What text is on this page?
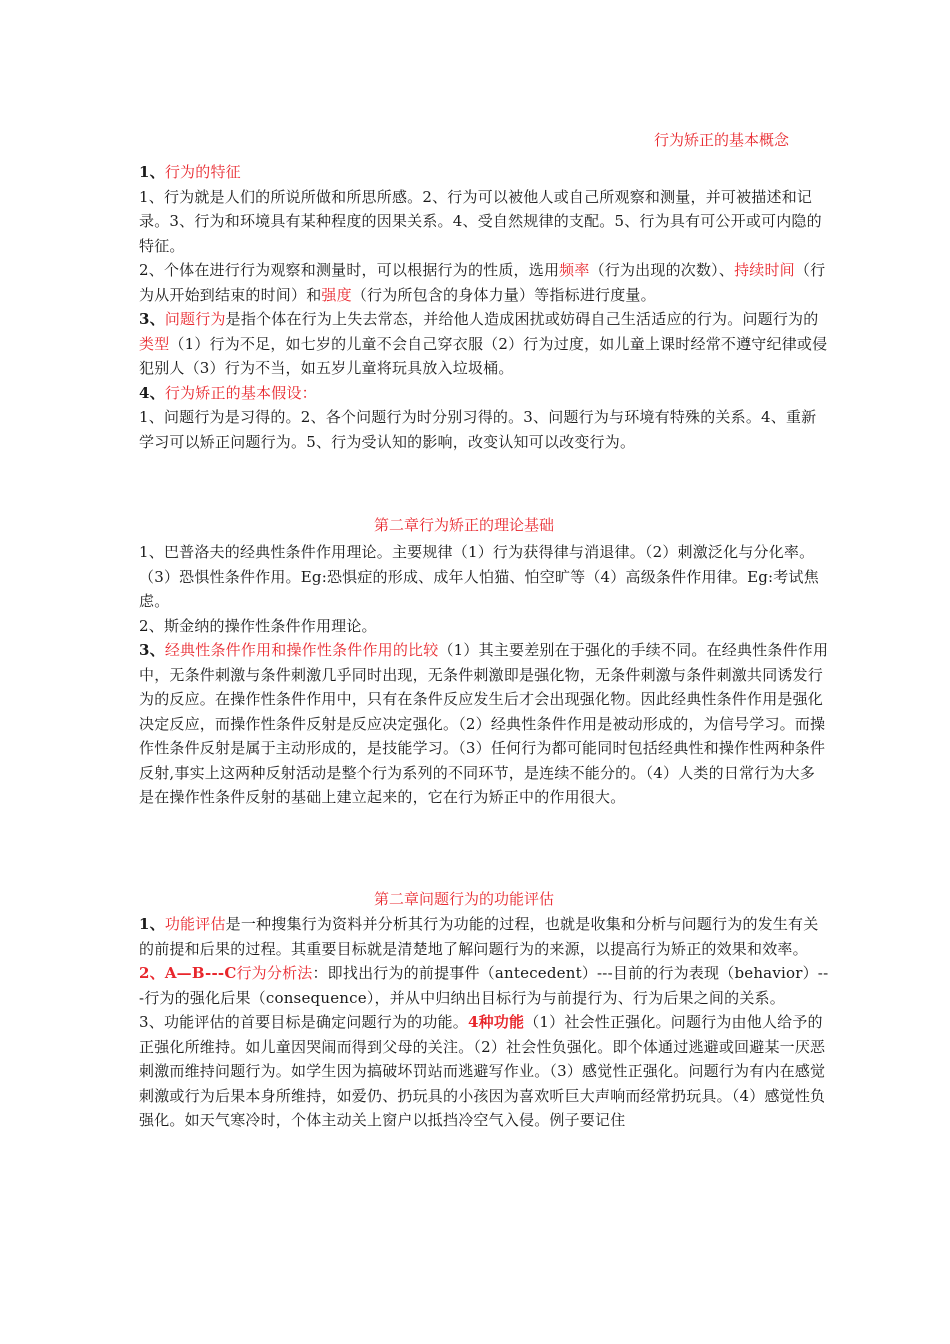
行为矫正的基本概念

1、行为的特征

1、行为就是人们的所说所做和所思所感。2、行为可以被他人或自己所观察和测量，并可被描述和记录。3、行为和环境具有某种程度的因果关系。4、受自然规律的支配。5、行为具有可公开或可内隐的特征。

2、个体在进行行为观察和测量时，可以根据行为的性质，选用频率（行为出现的次数）、持续时间（行为从开始到结束的时间）和强度（行为所包含的身体力量）等指标进行度量。

3、问题行为是指个体在行为上失去常态，并给他人造成困扰或妨碍自己生活适应的行为。问题行为的类型（1）行为不足，如七岁的儿童不会自己穿衣服（2）行为过度，如儿童上课时经常不遵守纪律或侵犯别人（3）行为不当，如五岁儿童将玩具放入垃圾桶。

4、行为矫正的基本假设：

1、问题行为是习得的。2、各个问题行为时分别习得的。3、问题行为与环境有特殊的关系。4、重新学习可以矫正问题行为。5、行为受认知的影响，改变认知可以改变行为。

第二章行为矫正的理论基础

1、巴普洛夫的经典性条件作用理论。主要规律（1）行为获得律与消退律。（2）刺激泛化与分化率。（3）恐惧性条件作用。Eg:恐惧症的形成、成年人怕猫、怕空旷等（4）高级条件作用律。Eg:考试焦虑。

2、斯金纳的操作性条件作用理论。

3、经典性条件作用和操作性条件作用的比较（1）其主要差别在于强化的手续不同。在经典性条件作用中，无条件刺激与条件刺激几乎同时出现，无条件刺激即是强化物，无条件刺激与条件刺激共同诱发行为的反应。在操作性条件作用中，只有在条件反应发生后才会出现强化物。因此经典性条件作用是强化决定反应，而操作性条件反射是反应决定强化。（2）经典性条件作用是被动形成的，为信号学习。而操作性条件反射是属于主动形成的，是技能学习。（3）任何行为都可能同时包括经典性和操作性两种条件反射,事实上这两种反射活动是整个行为系列的不同环节，是连续不能分的。（4）人类的日常行为大多是在操作性条件反射的基础上建立起来的，它在行为矫正中的作用很大。

第二章问题行为的功能评估

1、功能评估是一种搜集行为资料并分析其行为功能的过程，也就是收集和分析与问题行为的发生有关的前提和后果的过程。其重要目标就是清楚地了解问题行为的来源，以提高行为矫正的效果和效率。

2、A—B---C行为分析法：即找出行为的前提事件（antecedent）---目前的行为表现（behavior）---行为的强化后果（consequence），并从中归纳出目标行为与前提行为、行为后果之间的关系。

3、功能评估的首要目标是确定问题行为的功能。4种功能（1）社会性正强化。问题行为由他人给予的正强化所维持。如儿童因哭闹而得到父母的关注。（2）社会性负强化。即个体通过逃避或回避某一厌恶刺激而维持问题行为。如学生因为搞破坏罚站而逃避写作业。（3）感觉性正强化。问题行为有内在感觉刺激或行为后果本身所维持，如爱仍、扔玩具的小孩因为喜欢听巨大声响而经常扔玩具。（4）感觉性负强化。如天气寒冷时，个体主动关上窗户以抵挡冷空气入侵。例子要记住
